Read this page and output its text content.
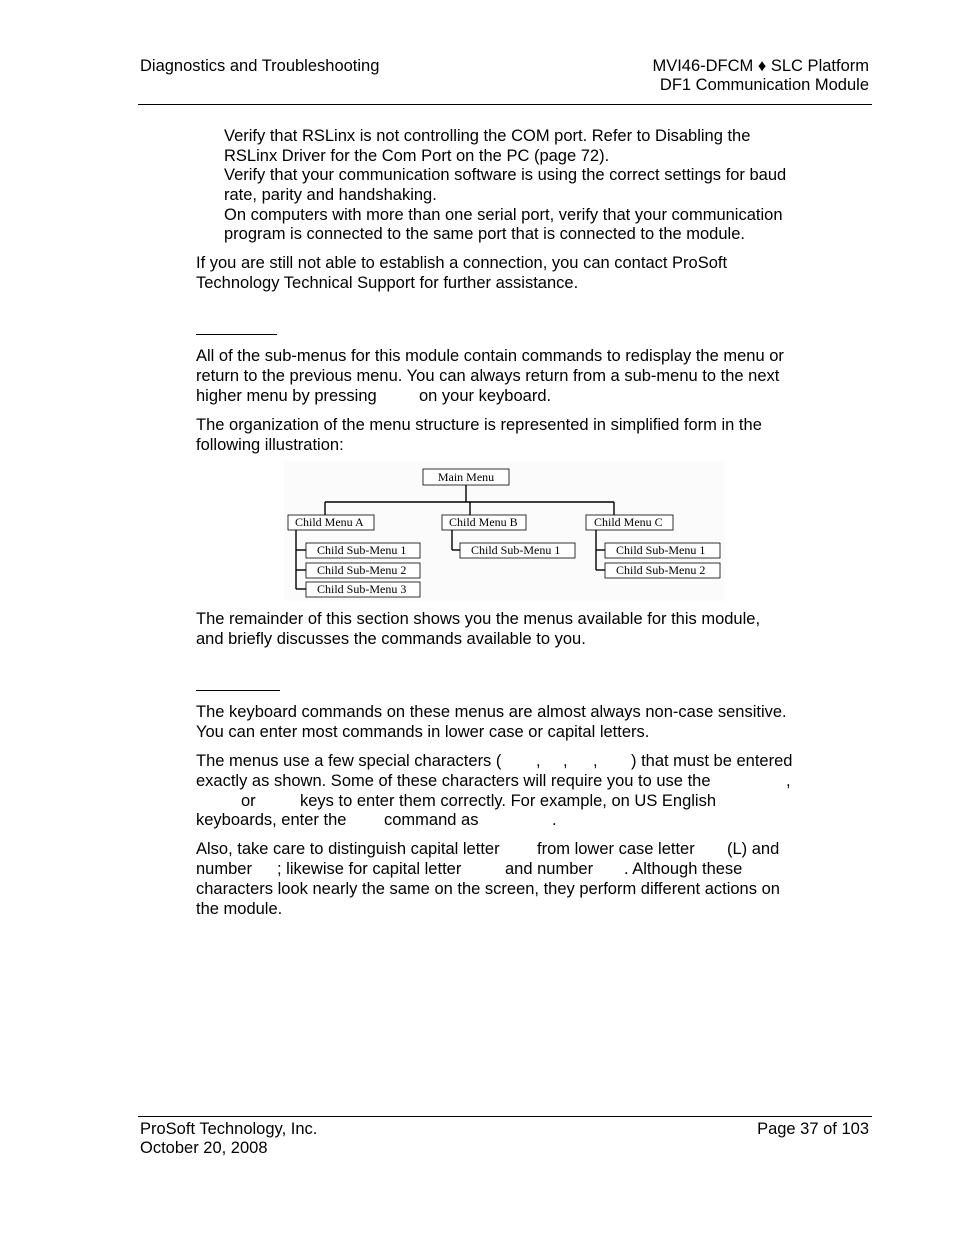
Diagnostics and Troubleshooting	MVI46-DFCM ♦ SLC Platform
DF1 Communication Module
Verify that RSLinx is not controlling the COM port. Refer to Disabling the
RSLinx Driver for the Com Port on the PC (page 72).
Verify that your communication software is using the correct settings for baud
rate, parity and handshaking.
On computers with more than one serial port, verify that your communication
program is connected to the same port that is connected to the module.
If you are still not able to establish a connection, you can contact ProSoft
Technology Technical Support for further assistance.
All of the sub-menus for this module contain commands to redisplay the menu or
return to the previous menu. You can always return from a sub-menu to the next
higher menu by pressing	on your keyboard.
The organization of the menu structure is represented in simplified form in the
following illustration:
Main Menu
Child Menu A	Child Menu B	Child Menu C
Child Sub-Menu 1
Child Sub-Menu 2
Child Sub-Menu 3
Child Sub-Menu 1	Child Sub-Menu 1
Child Sub-Menu 2
The remainder of this section shows you the menus available for this module,
and briefly discusses the commands available to you.
The keyboard commands on these menus are almost always non-case sensitive.
You can enter most commands in lower case or capital letters.
The menus use a few special characters ( , , , ) that must be entered
exactly as shown. Some of these characters will require you to use the	,
or	keys to enter them correctly. For example, on US English
keyboards, enter the command as	.
Also, take care to distinguish capital letter from lower case letter (L) and
number ; likewise for capital letter	and number . Although these
characters look nearly the same on the screen, they perform different actions on
the module.
ProSoft Technology, Inc.
October 20, 2008
Page 37 of 103
